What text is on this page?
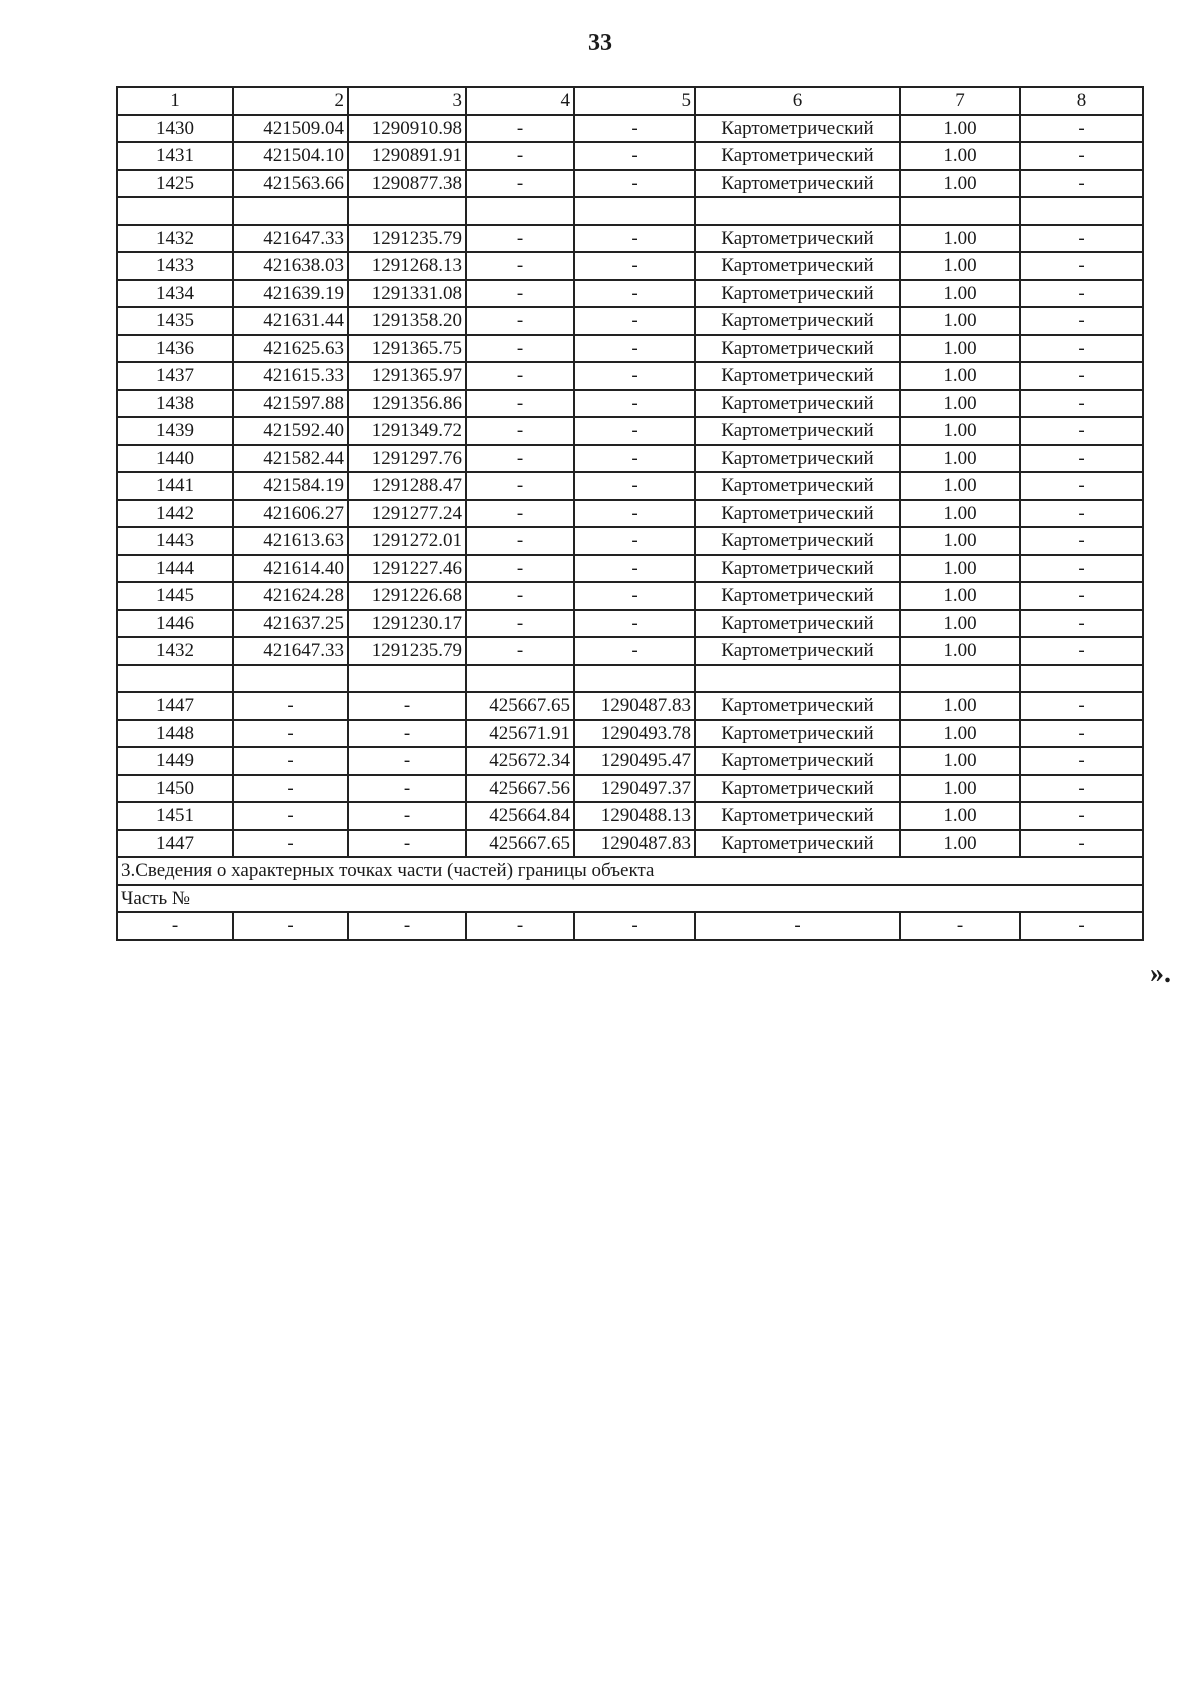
33
1	2	3	4	5	6	7	8
1430	421509.04	1290910.98	-	-	Картометрический	1.00	-
1431	421504.10	1290891.91	-	-	Картометрический	1.00	-
1425	421563.66	1290877.38	-	-	Картометрический	1.00	-

1432	421647.33	1291235.79	-	-	Картометрический	1.00	-
1433	421638.03	1291268.13	-	-	Картометрический	1.00	-
1434	421639.19	1291331.08	-	-	Картометрический	1.00	-
1435	421631.44	1291358.20	-	-	Картометрический	1.00	-
1436	421625.63	1291365.75	-	-	Картометрический	1.00	-
1437	421615.33	1291365.97	-	-	Картометрический	1.00	-
1438	421597.88	1291356.86	-	-	Картометрический	1.00	-
1439	421592.40	1291349.72	-	-	Картометрический	1.00	-
1440	421582.44	1291297.76	-	-	Картометрический	1.00	-
1441	421584.19	1291288.47	-	-	Картометрический	1.00	-
1442	421606.27	1291277.24	-	-	Картометрический	1.00	-
1443	421613.63	1291272.01	-	-	Картометрический	1.00	-
1444	421614.40	1291227.46	-	-	Картометрический	1.00	-
1445	421624.28	1291226.68	-	-	Картометрический	1.00	-
1446	421637.25	1291230.17	-	-	Картометрический	1.00	-
1432	421647.33	1291235.79	-	-	Картометрический	1.00	-

1447	-	-	425667.65	1290487.83	Картометрический	1.00	-
1448	-	-	425671.91	1290493.78	Картометрический	1.00	-
1449	-	-	425672.34	1290495.47	Картометрический	1.00	-
1450	-	-	425667.56	1290497.37	Картометрический	1.00	-
1451	-	-	425664.84	1290488.13	Картометрический	1.00	-
1447	-	-	425667.65	1290487.83	Картометрический	1.00	-
3.Сведения о характерных точках части (частей) границы объекта							
Часть №							
-	-	-	-	-	-	-	-
».
